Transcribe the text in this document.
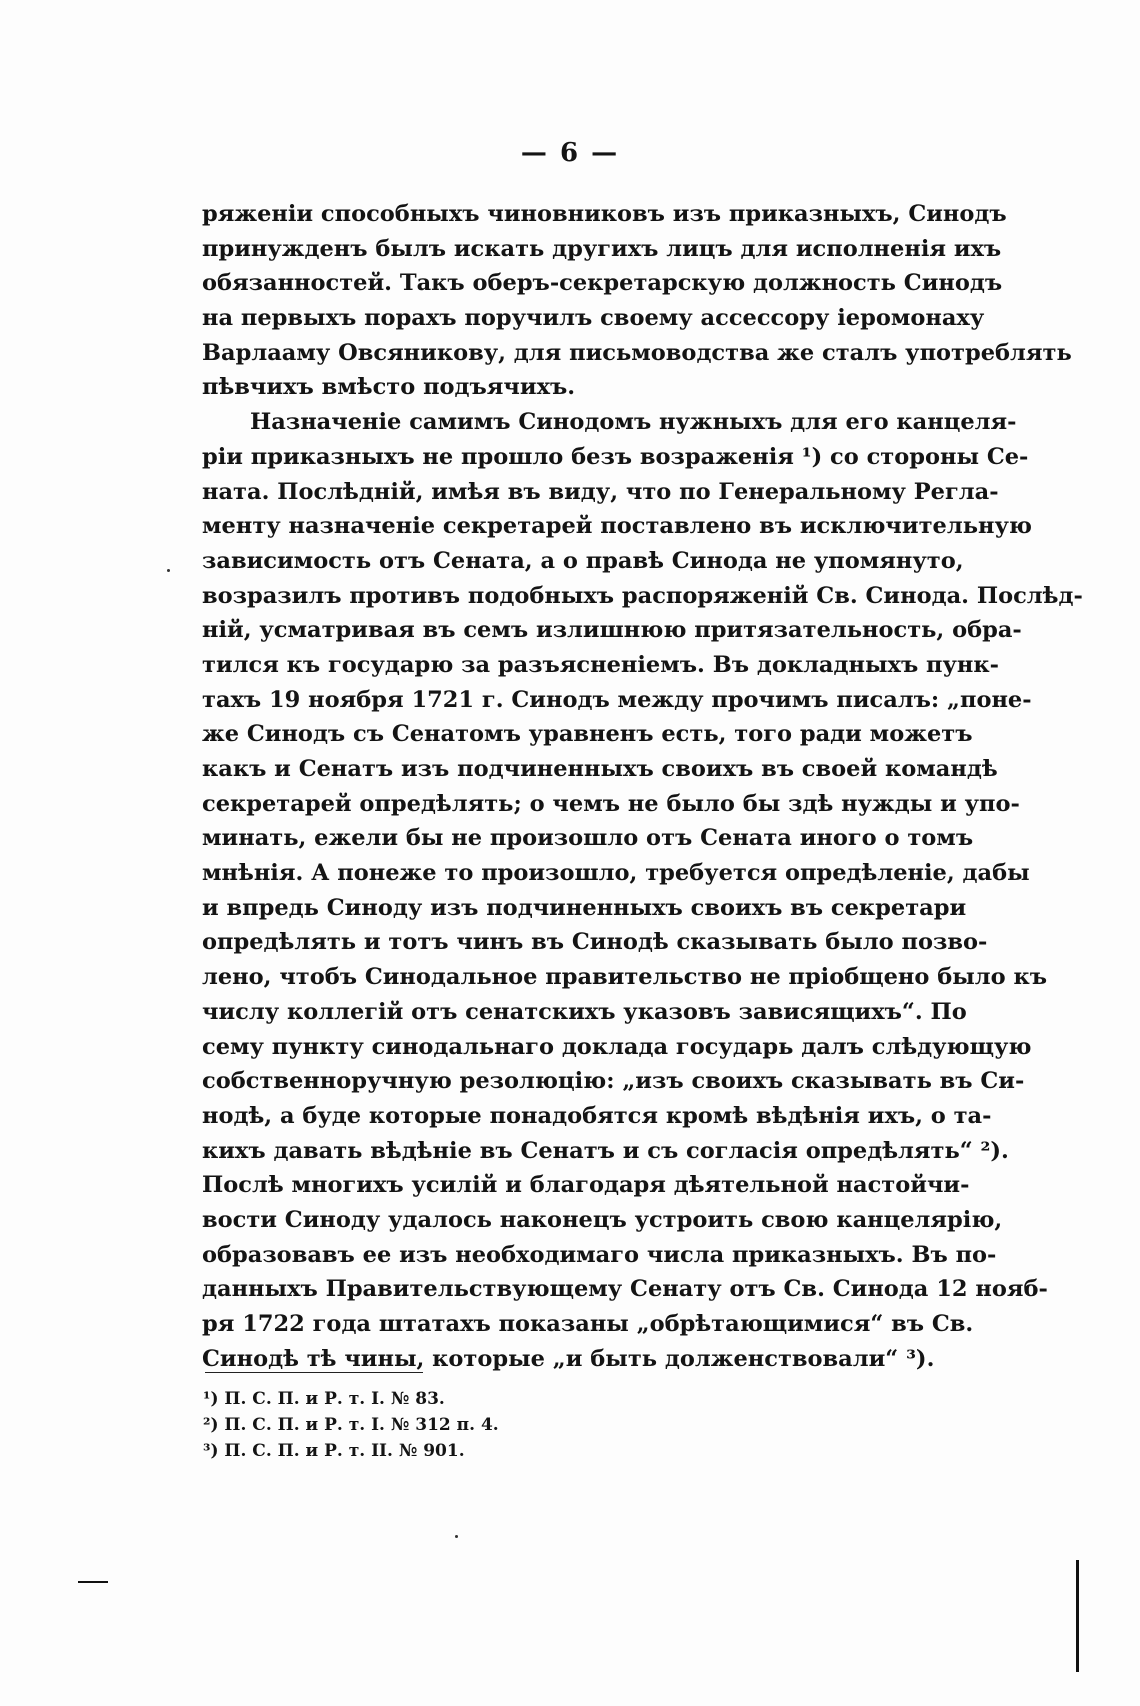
— 6 —
ряженіи способныхъ чиновниковъ изъ приказныхъ, Синодъ
принужденъ былъ искать другихъ лицъ для исполненія ихъ
обязанностей. Такъ оберъ-секретарскую должность Синодъ
на первыхъ порахъ поручилъ своему ассессору іеромонаху
Варлааму Овсяникову, для письмоводства же сталъ употреблять
пѣвчихъ вмѣсто подъячихъ.
Назначеніе самимъ Синодомъ нужныхъ для его канцеля-
ріи приказныхъ не прошло безъ возраженія ¹) со стороны Се-
ната. Послѣдній, имѣя въ виду, что по Генеральному Регла-
менту назначеніе секретарей поставлено въ исключительную
зависимость отъ Сената, а о правѣ Синода не упомянуто,
возразилъ противъ подобныхъ распоряженій Св. Синода. Послѣд-
ній, усматривая въ семъ излишнюю притязательность, обра-
тился къ государю за разъясненіемъ. Въ докладныхъ пунк-
тахъ 19 ноября 1721 г. Синодъ между прочимъ писалъ: „поне-
же Синодъ съ Сенатомъ уравненъ есть, того ради можетъ
какъ и Сенатъ изъ подчиненныхъ своихъ въ своей командѣ
секретарей опредѣлять; о чемъ не было бы здѣ нужды и упо-
минать, ежели бы не произошло отъ Сената иного о томъ
мнѣнія. А понеже то произошло, требуется опредѣленіе, дабы
и впредь Синоду изъ подчиненныхъ своихъ въ секретари
опредѣлять и тотъ чинъ въ Синодѣ сказывать было позво-
лено, чтобъ Синодальное правительство не пріобщено было къ
числу коллегій отъ сенатскихъ указовъ зависящихъ“. По
сему пункту синодальнаго доклада государь далъ слѣдующую
собственноручную резолюцію: „изъ своихъ сказывать въ Си-
нодѣ, а буде которые понадобятся кромѣ вѣдѣнія ихъ, о та-
кихъ давать вѣдѣніе въ Сенатъ и съ согласія опредѣлять“ ²).
Послѣ многихъ усилій и благодаря дѣятельной настойчи-
вости Синоду удалось наконецъ устроить свою канцелярію,
образовавъ ее изъ необходимаго числа приказныхъ. Въ по-
данныхъ Правительствующему Сенату отъ Св. Синода 12 нояб-
ря 1722 года штатахъ показаны „обрѣтающимися“ въ Св.
Синодѣ тѣ чины, которые „и быть долженствовали“ ³).
¹) П. С. П. и Р. т. I. № 83.
²) П. С. П. и Р. т. I. № 312 п. 4.
³) П. С. П. и Р. т. II. № 901.
